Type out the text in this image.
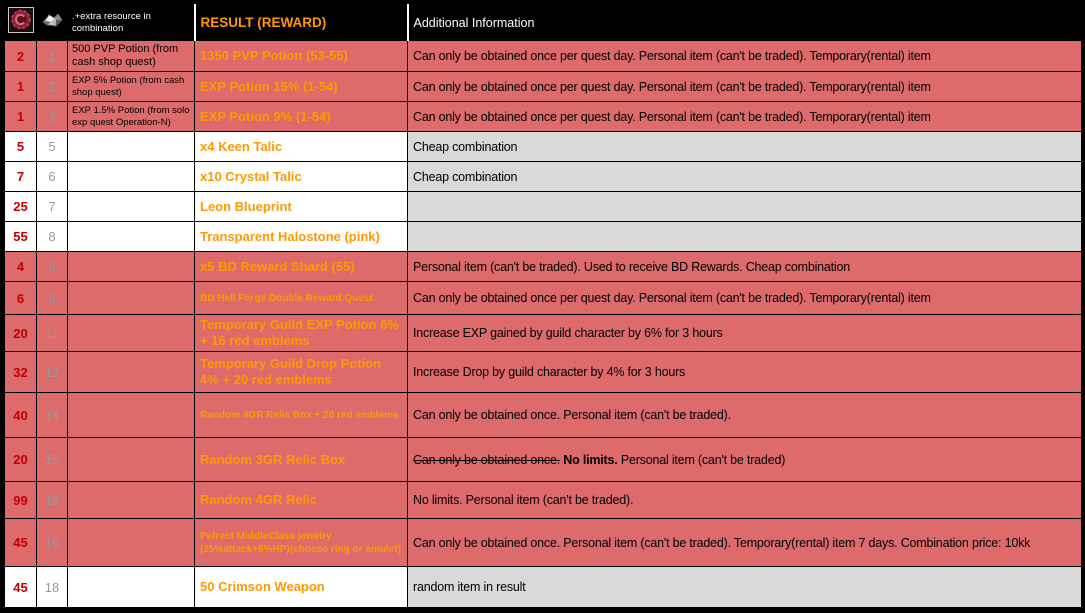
		.+extra resource in combination	RESULT (REWARD)	Additional Information
2	1	500 PVP Potion (from cash shop quest)	1350 PVP Potion (53-55)	Can only be obtained once per quest day. Personal item (can't be traded). Temporary(rental) item
1	2	EXP 5% Potion (from cash shop quest)	EXP Potion 15% (1-54)	Can only be obtained once per quest day. Personal item (can't be traded). Temporary(rental) item
1	3	EXP 1.5% Potion (from solo exp quest Operation-N)	EXP Potion 9% (1-54)	Can only be obtained once per quest day. Personal item (can't be traded). Temporary(rental) item
5	5		x4 Keen Talic	Cheap combination
7	6		x10 Crystal Talic	Cheap combination
25	7		Leon Blueprint	
55	8		Transparent Halostone (pink)	
4	9		x5 BD Reward Shard (55)	Personal item (can't be traded). Used to receive BD Rewards. Cheap combination
6	9		BD Hell Forge Double Reward Quest	Can only be obtained once per quest day. Personal item (can't be traded). Temporary(rental) item
20	11		Temporary Guild EXP Potion 6% + 16 red emblems	Increase EXP gained by guild character by 6% for 3 hours
32	12		Temporary Guild Drop Potion 4% + 20 red emblems	Increase Drop by guild character by 4% for 3 hours
40	14		Random 4GR Relic Box + 20 red emblems	Can only be obtained once. Personal item (can't be traded).
20	15		Random 3GR Relic Box	Can only be obtained once. No limits. Personal item (can't be traded)
99	18		Random 4GR Relic	No limits. Personal item (can't be traded).
45	16		Pefrect MiddleClass jewelry (25%attack+6%HP)(choose ring or amulet)	Can only be obtained once. Personal item (can't be traded). Temporary(rental) item 7 days. Combination price: 10kk
45	18		50 Crimson Weapon	random item in result
